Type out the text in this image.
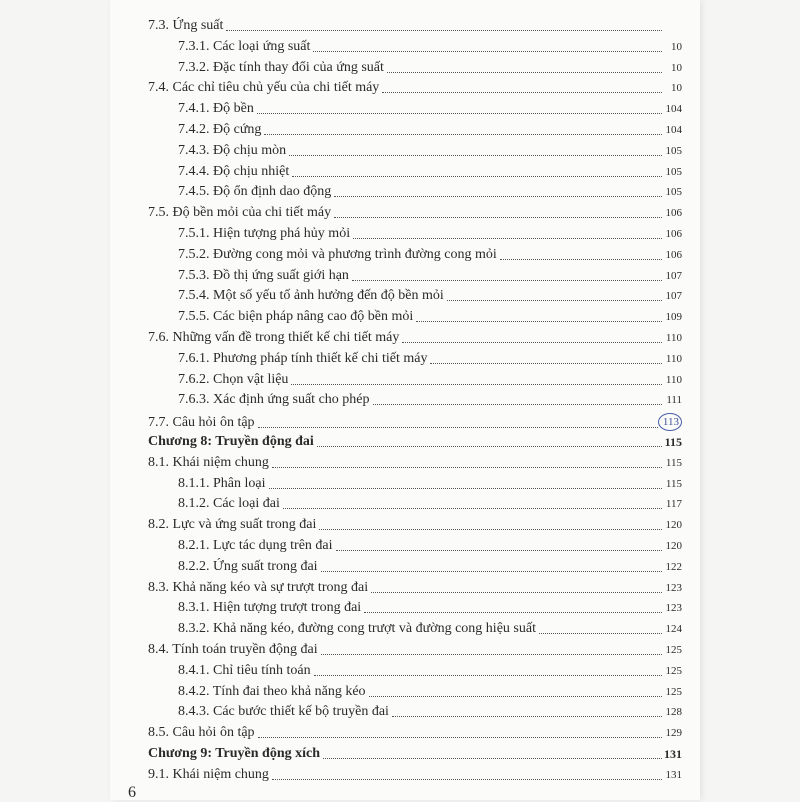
7.3. Ứng suất
7.3.1. Các loại ứng suất	10
7.3.2. Đặc tính thay đổi của ứng suất	10
7.4. Các chỉ tiêu chủ yếu của chi tiết máy	10
7.4.1. Độ bền	104
7.4.2. Độ cứng	104
7.4.3. Độ chịu mòn	105
7.4.4. Độ chịu nhiệt	105
7.4.5. Độ ổn định dao động	105
7.5. Độ bền mỏi của chi tiết máy	106
7.5.1. Hiện tượng phá hủy mỏi	106
7.5.2. Đường cong mỏi và phương trình đường cong mỏi	106
7.5.3. Đồ thị ứng suất giới hạn	107
7.5.4. Một số yếu tố ảnh hưởng đến độ bền mỏi	107
7.5.5. Các biện pháp nâng cao độ bền mỏi	109
7.6. Những vấn đề trong thiết kế chi tiết máy	110
7.6.1. Phương pháp tính thiết kế chi tiết máy	110
7.6.2. Chọn vật liệu	110
7.6.3. Xác định ứng suất cho phép	111
7.7. Câu hỏi ôn tập	113
Chương 8: Truyền động đai	115
8.1. Khái niệm chung	115
8.1.1. Phân loại	115
8.1.2. Các loại đai	117
8.2. Lực và ứng suất trong đai	120
8.2.1. Lực tác dụng trên đai	120
8.2.2. Ứng suất trong đai	122
8.3. Khả năng kéo và sự trượt trong đai	123
8.3.1. Hiện tượng trượt trong đai	123
8.3.2. Khả năng kéo, đường cong trượt và đường cong hiệu suất	124
8.4. Tính toán truyền động đai	125
8.4.1. Chỉ tiêu tính toán	125
8.4.2. Tính đai theo khả năng kéo	125
8.4.3. Các bước thiết kế bộ truyền đai	128
8.5. Câu hỏi ôn tập	129
Chương 9: Truyền động xích	131
9.1. Khái niệm chung	131
6
